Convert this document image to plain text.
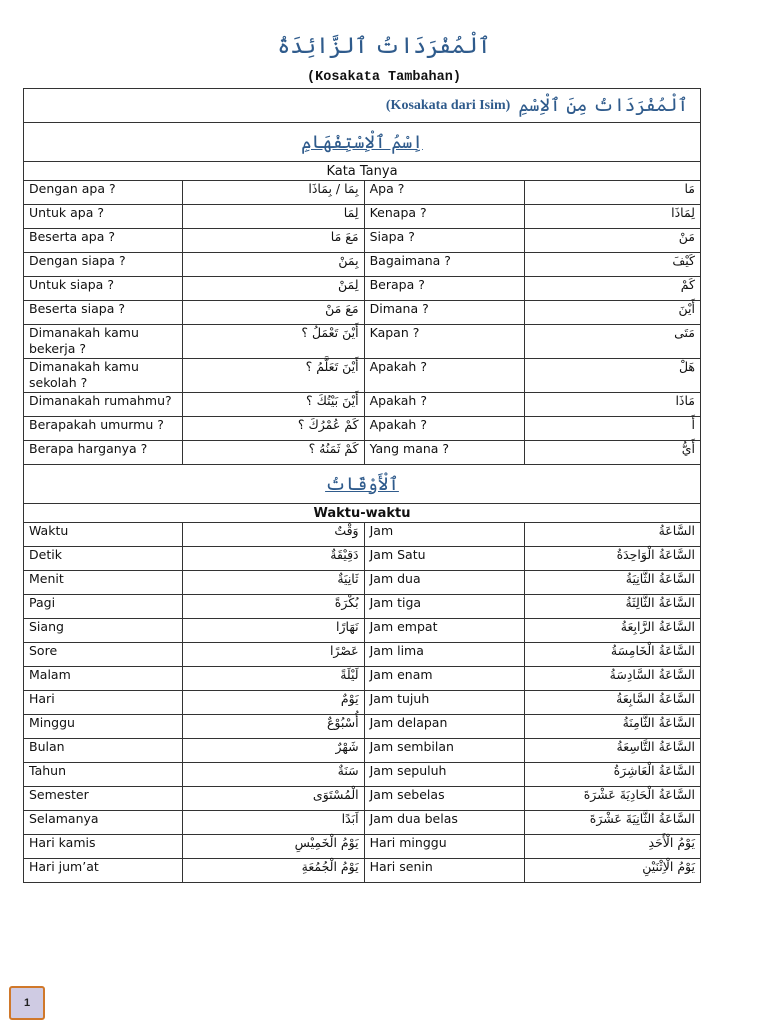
ٱلْمُفْرَدَاتُ ٱلزَّائِدَةُ
(Kosakata Tambahan)
(Kosakata dari Isim) ٱلْمُفْرَدَاتُ مِنَ ٱلْاِسْمِ			

اِسْمُ ٱلْاِسْتِفْهَامِ			
Kata Tanya			
Dengan apa ?	بِمَا / بِمَاذَا	Apa ?	مَا
Untuk apa ?	لِمَا	Kenapa ?	لِمَاذَا
Beserta apa ?	مَعَ مَا	Siapa ?	مَنْ
Dengan siapa ?	بِمَنْ	Bagaimana ?	كَيْفَ
Untuk siapa ?	لِمَنْ	Berapa ?	كَمْ
Beserta siapa ?	مَعَ مَنْ	Dimana ?	أَيْنَ
Dimanakah kamu bekerja ?	أَيْنَ تَعْمَلُ ؟	Kapan ?	مَتَى
Dimanakah kamu sekolah ?	أَيْنَ تَعَلَّمُ ؟	Apakah ?	هَلْ
Dimanakah rumahmu?	أَيْنَ بَيْتُكَ ؟	Apakah ?	مَاذَا
Berapakah umurmu ?	كَمْ عُمْرُكَ ؟	Apakah ?	أَ
Berapa harganya ?	كَمْ ثَمَنُهُ ؟	Yang mana ?	أَيُّ
ٱلْأَوْقَاتُ			
Waktu-waktu			
Waktu	وَقْتٌ	Jam	السَّاعَةُ
Detik	دَقِيْقَةٌ	Jam Satu	السَّاعَةُ الْوَاحِدَةُ
Menit	ثَانِيَةٌ	Jam dua	السَّاعَةُ الثَّانِيَةُ
Pagi	بُكْرَةً	Jam tiga	السَّاعَةُ الثَّالِثَةُ
Siang	نَهَارًا	Jam empat	السَّاعَةُ الرَّابِعَةُ
Sore	عَصْرًا	Jam lima	السَّاعَةُ الْخَامِسَةُ
Malam	لَيْلَةً	Jam enam	السَّاعَةُ السَّادِسَةُ
Hari	يَوْمٌ	Jam tujuh	السَّاعَةُ السَّابِعَةُ
Minggu	أُسْبُوْعٌ	Jam delapan	السَّاعَةُ الثَّامِنَةُ
Bulan	شَهْرٌ	Jam sembilan	السَّاعَةُ التَّاسِعَةُ
Tahun	سَنَةٌ	Jam sepuluh	السَّاعَةُ الْعَاشِرَةُ
Semester	الْمُسْتَوَى	Jam sebelas	السَّاعَةُ الْحَادِيَةَ عَشْرَةَ
Selamanya	اَبَدًا	Jam dua belas	السَّاعَةُ الثَّانِيَةَ عَشْرَةَ
Hari kamis	يَوْمُ الْخَمِيْسِ	Hari minggu	يَوْمُ الْأَحَدِ
Hari jum’at	يَوْمُ الْجُمُعَةِ	Hari senin	يَوْمُ الْاِثْنَيْنِ
1
